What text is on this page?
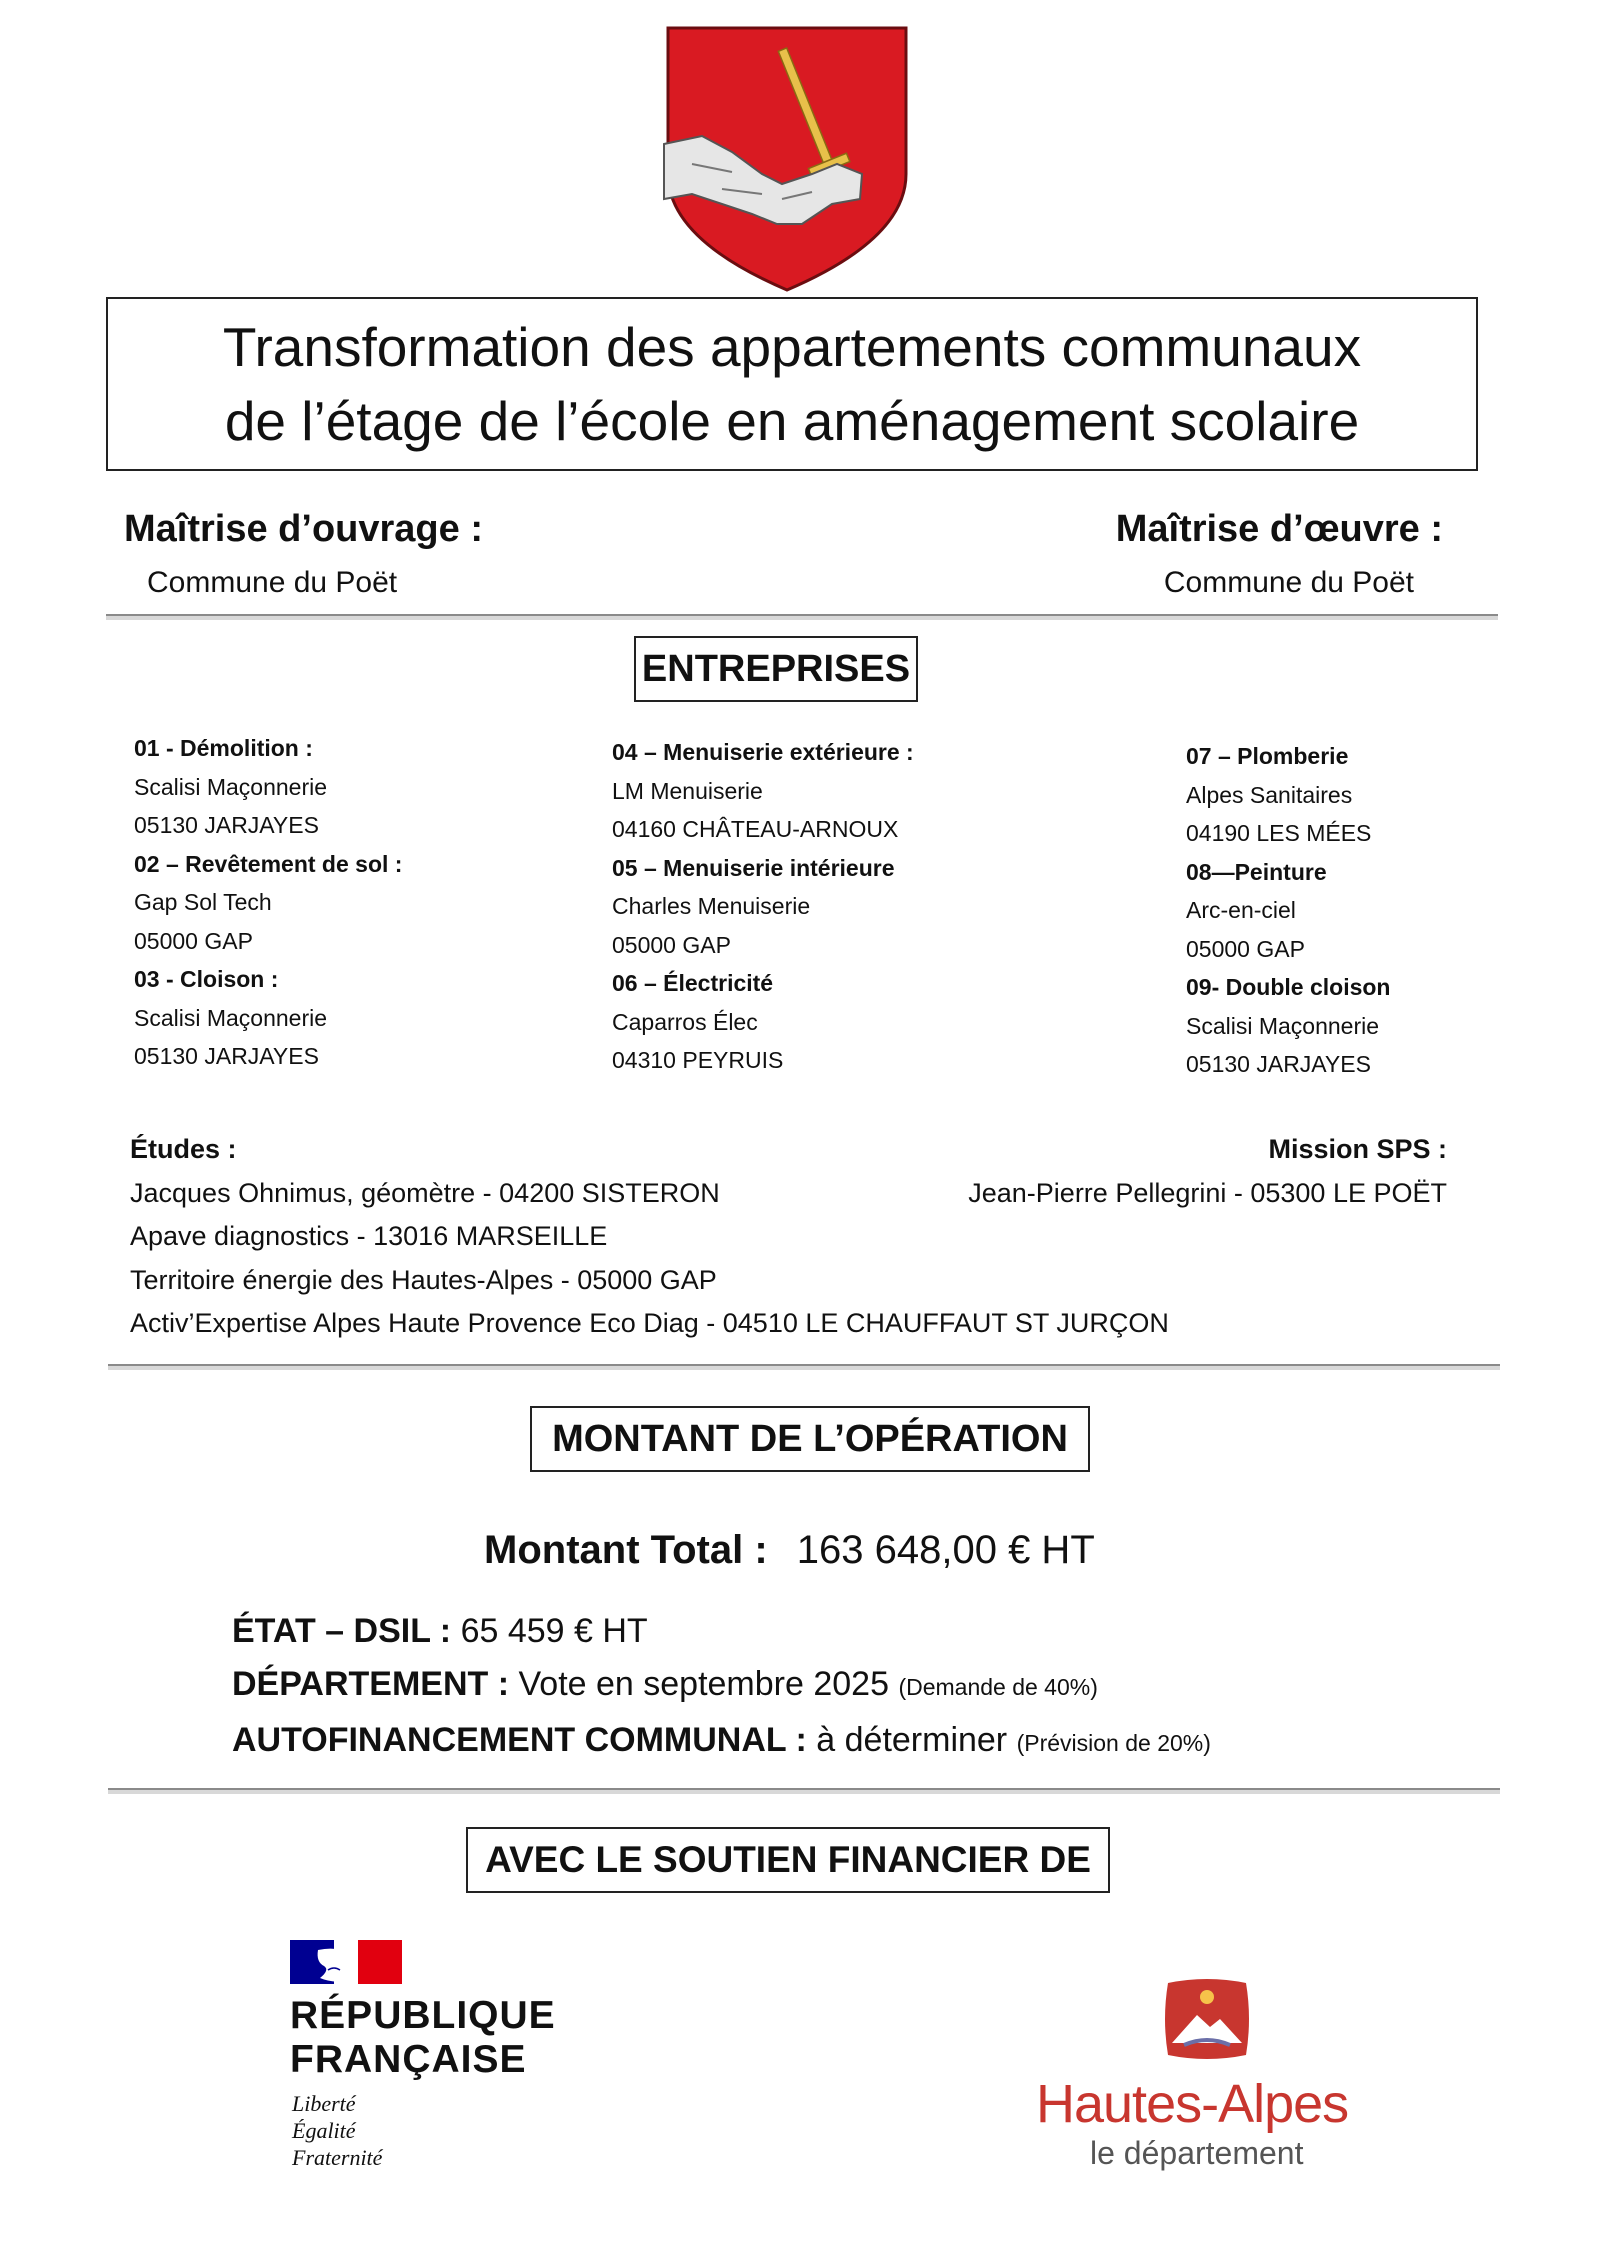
Transformation des appartements communaux
de l’étage de l’école en aménagement scolaire
Maîtrise d’ouvrage :
Commune du Poët
Maîtrise d’œuvre :
Commune du Poët
ENTREPRISES
01 - Démolition :
Scalisi Maçonnerie
05130 JARJAYES
02 – Revêtement de sol :
Gap Sol Tech
05000 GAP
03 - Cloison :
Scalisi Maçonnerie
05130 JARJAYES
04 – Menuiserie extérieure :
LM Menuiserie
04160 CHÂTEAU-ARNOUX
05 – Menuiserie intérieure
Charles Menuiserie
05000 GAP
06 – Électricité
Caparros Élec
04310 PEYRUIS
07 – Plomberie
Alpes Sanitaires
04190 LES MÉES
08—Peinture
Arc-en-ciel
05000 GAP
09- Double cloison
Scalisi Maçonnerie
05130 JARJAYES
Études :
Jacques Ohnimus, géomètre - 04200 SISTERON
Apave diagnostics - 13016 MARSEILLE
Territoire énergie des Hautes-Alpes - 05000 GAP
Activ’Expertise Alpes Haute Provence Eco Diag - 04510 LE CHAUFFAUT ST JURÇON
Mission SPS :
Jean-Pierre Pellegrini - 05300 LE POËT
MONTANT DE L’OPÉRATION
Montant Total : 163 648,00 € HT
ÉTAT – DSIL : 65 459 € HT
DÉPARTEMENT : Vote en septembre 2025 (Demande de 40%)
AUTOFINANCEMENT COMMUNAL : à déterminer (Prévision de 20%)
AVEC LE SOUTIEN FINANCIER DE
RÉPUBLIQUE
FRANÇAISE
Liberté
Égalité
Fraternité
Hautes-Alpes
le département
